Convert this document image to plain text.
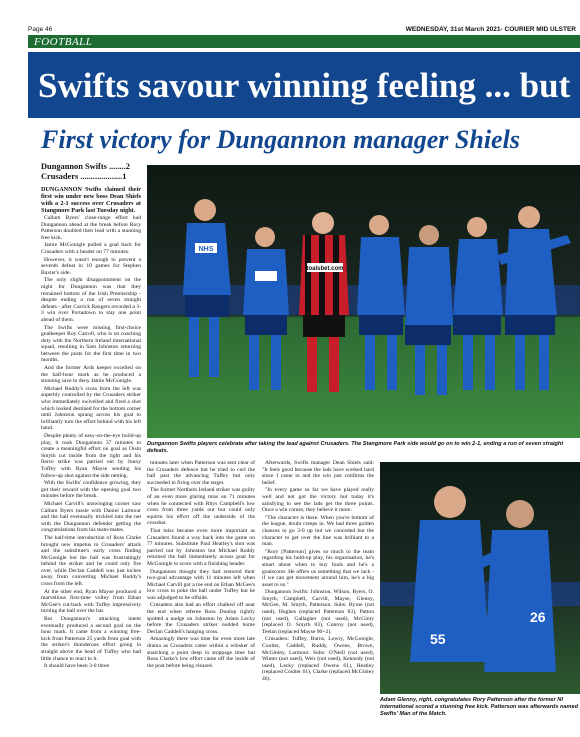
Page 46	WEDNESDAY, 31st March 2021- COURIER MID ULSTER
FOOTBALL
Swifts savour winning feeling ... but
First victory for Dungannon manager Shiels
Dungannon Swifts ........2
Crusaders ....................1

DUNGANNON Swifts claimed their first win under new boss Dean Shiels with a 2-1 success over Crusaders at Stangmore Park last Tuesday night.

Callum Byers' close-range effort had Dungannon ahead at the break before Rory Patterson doubled their lead with a stunning free kick.

Jamie McGonigle pulled a goal back for Crusaders with a header on 77 minutes.

However, it wasn't enough to prevent a seventh defeat in 10 games for Stephen Baxter's side.

The only slight disappointment on the night for Dungannon was that they remained bottom of the Irish Premiership - despite ending a run of seven straight defeats - after Carrick Rangers recorded a 3-3 win over Portadown to stay one point ahead of them.

The Swifts were missing first-choice goalkeeper Roy Carroll, who is on coaching duty with the Northern Ireland international squad, resulting in Sam Johnston returning between the posts for the first time in two months.

And the former Ards keeper excelled on the half-hour mark as he produced a stunning save to deny Jamie McGonigle.

Michael Ruddy's cross from the left was superbly controlled by the Crusaders striker who immediately swivelled and fired a shot which looked destined for the bottom corner until Johnston sprang across his goal to brilliantly turn the effort behind with his left hand.

Despite plenty of easy-on-the-eye build-up play, it took Dungannon 37 minutes to create a meaningful effort on goal as Oisin Smyth cut inside from the right and his fierce strike was parried out by Jonny Tuffey with Ryan Mayse sending his follow-up shot against the side netting.

With the Swifts' confidence growing, they got their reward with the opening goal two minutes before the break.

Michael Carvill's unswinging corner saw Callum Byers tussle with Daniel Larmour and the ball eventually trickled into the net with the Dungannon defender getting the congratulations from his team-mates.

The half-time introduction of Ross Clarke brought new impetus to Crusaders' attack and the substitute's early cross finding McGonigle but the ball was frustratingly behind the striker and he could only fire over, while Declan Caddell was just inches away from converting Michael Ruddy's cross from the left.

At the other end, Ryan Mayse produced a marvellous first-time volley from Ethan McGee's cut-back with Tuffey impressively turning the ball over the bar.

But Dungannon's attacking intent eventually produced a second goal on the hour mark. It came from a winning free-kick from Patterson 25 yards from goal with the striker's thunderous effort going in straight above the head of Tuffey who had little chance to react to it.

It should have been 3-0 three

NHS
toalsbet.com
Dungannon Swifts players celebrate after taking the lead against Crusaders. The Stangmore Park side would go on to win 2-1, ending a run of seven straight defeats.

minutes later when Patterson was sent clear of the Crusaders defence but he tried to curl the ball past the advancing Tuffey but only succeeded in firing over the target.

The former Northern Ireland striker was guilty of an even more glaring miss on 71 minutes when he connected with Rhys Campbell's low cross from three yards out but could only squirm his effort off the underside of the crossbar.

That miss became even more important as Crusaders found a way back into the game on 77 minutes. Substitute Paul Heatley's shot was parried out by Johnston but Michael Ruddy returned the ball immediately across goal for McGonigle to score with a finishing header.

Dungannon thought they had restored their two-goal advantage with 11 minutes left when Michael Carvill got a toe end on Ethan McGee's low cross to poke the ball under Tuffey but he was adjudged to be offside.

Crusaders also had an effort chalked off near the end when referee Ross Dunlop rightly spotted a nudge on Johnston by Adam Lecky before the Crusaders striker nodded home Declan Caddell's hanging cross.

Amazingly there was time for even more late drama as Crusaders came within a whisker of snatching a point deep in stoppage time but Ross Clarke's low effort came off the inside of the post before being cleared.

Afterwards, Swifts manager Dean Shiels said: "It feels good because the lads have worked hard since I came in and the win just confirms the belief.

"In every game so far we have played really well and not got the victory but today it's satisfying to see the lads get the three points. Once a win comes, they believe it more.

"The character is there. When you're bottom of the league, doubt creeps in. We had three golden chances to go 3-0 up but we conceded but the character to get over the line was brilliant to a man.

"Rory [Patterson] gives so much to the team regarding his hold-up play, his organisation, he's smart about when to buy fouls and he's a goalscorer. He offers us something that we lack - if we can get movement around him, he's a big asset to us."

Dungannon Swifts: Johnston, Wilson, Byers, O. Smyth, Campbell, Carvill, Mayse, Glenny, McGee, M. Smyth, Patterson. Subs: Byrne (not used), Hughes (replaced Patterson 83), Patton (not used), Gallagher (not used), McGinty (replaced O. Smyth 83), Conroy (not used), Teelan (replaced Mayse 90+2).

Crusaders: Tuffey, Burns, Lowry, McGonigle, Coulter, Caddell, Ruddy, Owens, Brown, McGinley, Larmour. Subs: O'Neill (not used), Winter (not used), Weir (not used), Kennedy (not used), Lecky (replaced Owens 61), Heatley (replaced Coulter 61), Clarke (replaced McGinley 46).

55
26
Adam Glenny, right, congratulates Rory Patterson after the former NI international scored a stunning free kick. Patterson was afterwards named Swifts' Man of the Match.
